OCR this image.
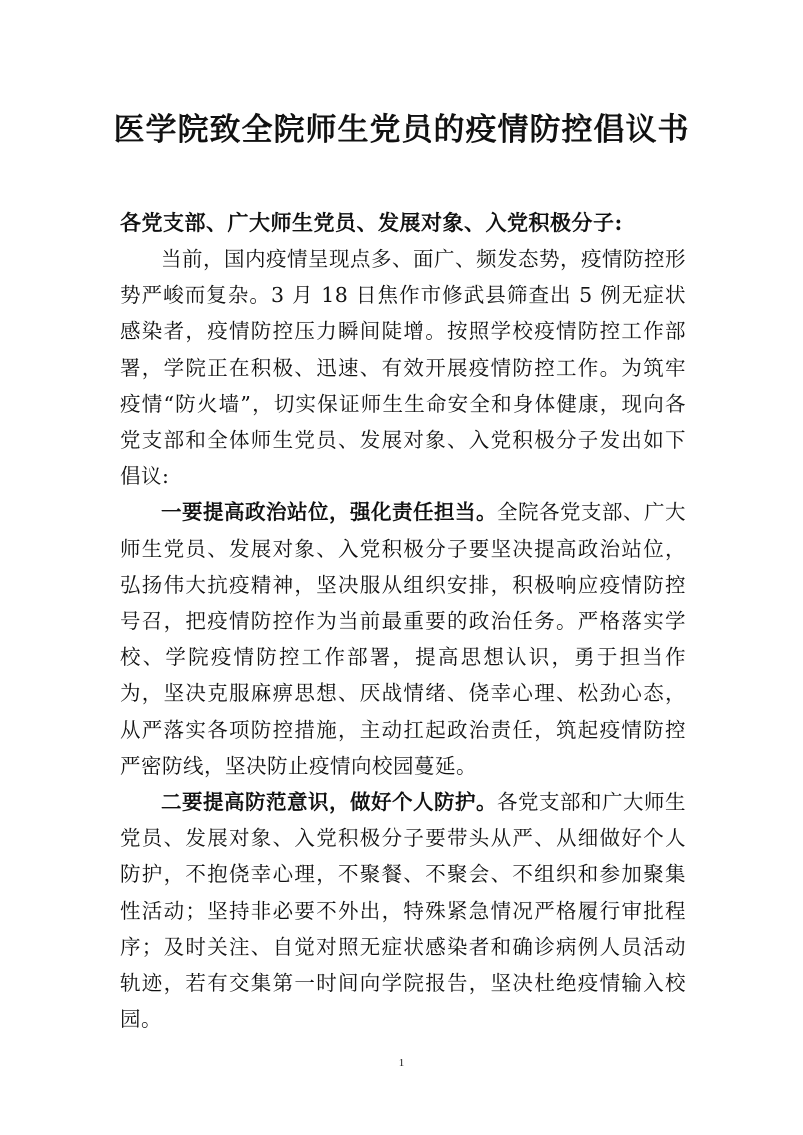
医学院致全院师生党员的疫情防控倡议书

各党支部、广大师生党员、发展对象、入党积极分子:

当前，国内疫情呈现点多、面广、频发态势，疫情防控形势严峻而复杂。3 月 18 日焦作市修武县筛查出 5 例无症状感染者，疫情防控压力瞬间陡增。按照学校疫情防控工作部署，学院正在积极、迅速、有效开展疫情防控工作。为筑牢疫情“防火墙”，切实保证师生生命安全和身体健康，现向各党支部和全体师生党员、发展对象、入党积极分子发出如下倡议:

一要提高政治站位，强化责任担当。全院各党支部、广大师生党员、发展对象、入党积极分子要坚决提高政治站位，弘扬伟大抗疫精神，坚决服从组织安排，积极响应疫情防控号召，把疫情防控作为当前最重要的政治任务。严格落实学校、学院疫情防控工作部署，提高思想认识，勇于担当作为，坚决克服麻痹思想、厌战情绪、侥幸心理、松劲心态，从严落实各项防控措施，主动扛起政治责任，筑起疫情防控严密防线，坚决防止疫情向校园蔓延。

二要提高防范意识，做好个人防护。各党支部和广大师生党员、发展对象、入党积极分子要带头从严、从细做好个人防护，不抱侥幸心理，不聚餐、不聚会、不组织和参加聚集性活动；坚持非必要不外出，特殊紧急情况严格履行审批程序；及时关注、自觉对照无症状感染者和确诊病例人员活动轨迹，若有交集第一时间向学院报告，坚决杜绝疫情输入校园。

1
